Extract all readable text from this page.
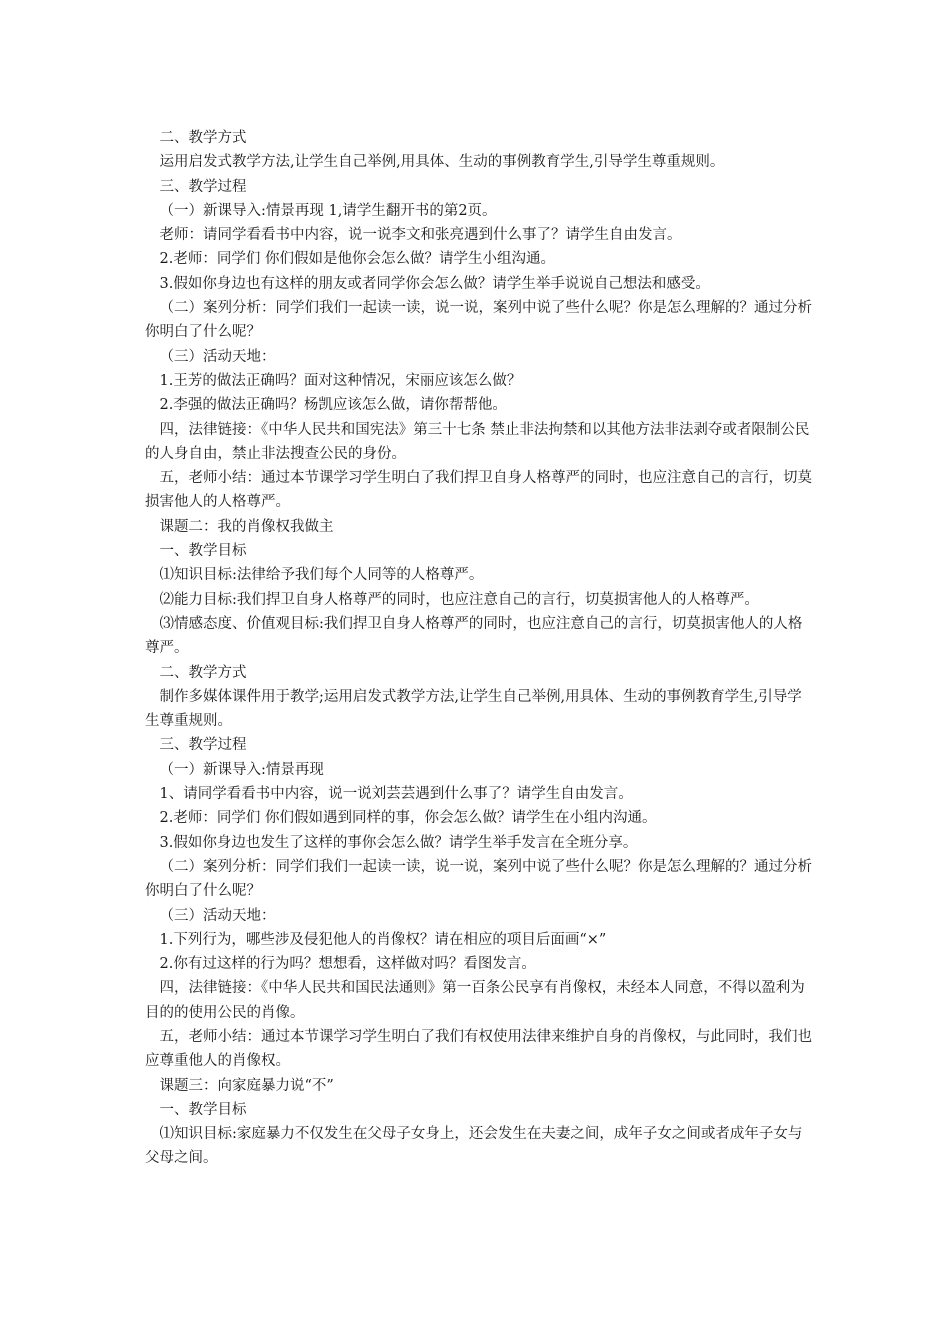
二、教学方式

运用启发式教学方法,让学生自己举例,用具体、生动的事例教育学生,引导学生尊重规则。

三、教学过程

（一）新课导入:情景再现 1,请学生翻开书的第2页。

老师：请同学看看书中内容，说一说李文和张亮遇到什么事了？请学生自由发言。

2.老师：同学们 你们假如是他你会怎么做？请学生小组沟通。

3.假如你身边也有这样的朋友或者同学你会怎么做？请学生举手说说自己想法和感受。

（二）案列分析：同学们我们一起读一读，说一说，案列中说了些什么呢？你是怎么理解的？通过分析你明白了什么呢？

（三）活动天地：

1.王芳的做法正确吗？面对这种情况，宋丽应该怎么做？

2.李强的做法正确吗？杨凯应该怎么做，请你帮帮他。

四，法律链接：《中华人民共和国宪法》第三十七条 禁止非法拘禁和以其他方法非法剥夺或者限制公民的人身自由，禁止非法搜查公民的身份。

五，老师小结：通过本节课学习学生明白了我们捍卫自身人格尊严的同时，也应注意自己的言行，切莫损害他人的人格尊严。

课题二：我的肖像权我做主

一、教学目标

⑴知识目标:法律给予我们每个人同等的人格尊严。

⑵能力目标:我们捍卫自身人格尊严的同时，也应注意自己的言行，切莫损害他人的人格尊严。

⑶情感态度、价值观目标:我们捍卫自身人格尊严的同时，也应注意自己的言行，切莫损害他人的人格尊严。

二、教学方式

制作多媒体课件用于教学;运用启发式教学方法,让学生自己举例,用具体、生动的事例教育学生,引导学生尊重规则。

三、教学过程

（一）新课导入:情景再现

1、请同学看看书中内容，说一说刘芸芸遇到什么事了？请学生自由发言。

2.老师：同学们 你们假如遇到同样的事，你会怎么做？请学生在小组内沟通。

3.假如你身边也发生了这样的事你会怎么做？请学生举手发言在全班分享。

（二）案列分析：同学们我们一起读一读，说一说，案列中说了些什么呢？你是怎么理解的？通过分析你明白了什么呢？

（三）活动天地：

1.下列行为，哪些涉及侵犯他人的肖像权？请在相应的项目后面画“×”

2.你有过这样的行为吗？想想看，这样做对吗？看图发言。

四，法律链接：《中华人民共和国民法通则》第一百条公民享有肖像权，未经本人同意，不得以盈利为目的的使用公民的肖像。

五，老师小结：通过本节课学习学生明白了我们有权使用法律来维护自身的肖像权，与此同时，我们也应尊重他人的肖像权。

课题三：向家庭暴力说“不”

一、教学目标

⑴知识目标:家庭暴力不仅发生在父母子女身上，还会发生在夫妻之间，成年子女之间或者成年子女与父母之间。
